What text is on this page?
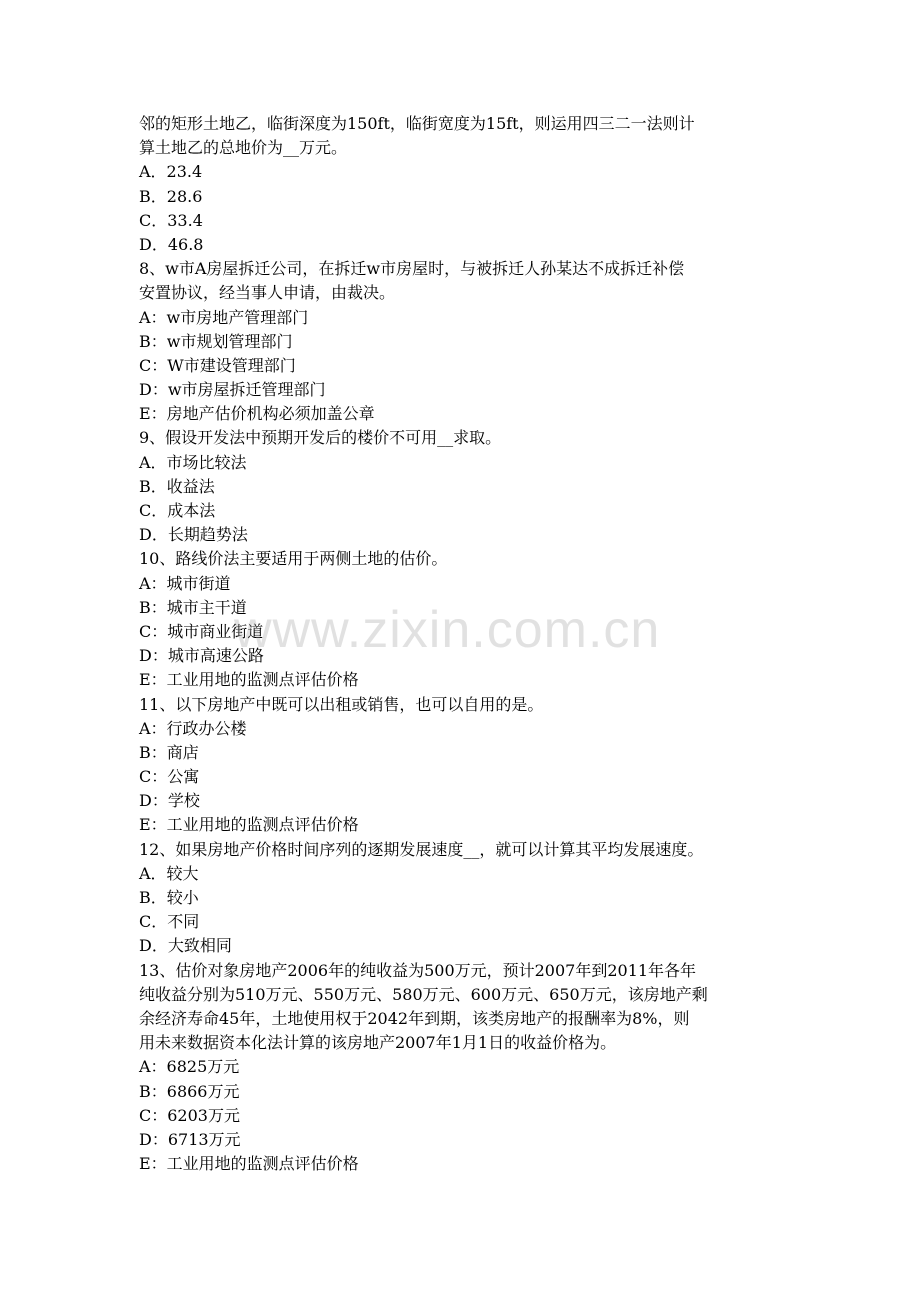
邻的矩形土地乙，临街深度为150ft，临街宽度为15ft，则运用四三二一法则计
算土地乙的总地价为__万元。
A．23.4
B．28.6
C．33.4
D．46.8
8、w市A房屋拆迁公司，在拆迁w市房屋时，与被拆迁人孙某达不成拆迁补偿
安置协议，经当事人申请，由裁决。
A：w市房地产管理部门
B：w市规划管理部门
C：W市建设管理部门
D：w市房屋拆迁管理部门
E：房地产估价机构必须加盖公章
9、假设开发法中预期开发后的楼价不可用__求取。
A．市场比较法
B．收益法
C．成本法
D．长期趋势法
10、路线价法主要适用于两侧土地的估价。
A：城市街道
B：城市主干道
C：城市商业街道
D：城市高速公路
E：工业用地的监测点评估价格
11、以下房地产中既可以出租或销售，也可以自用的是。
A：行政办公楼
B：商店
C：公寓
D：学校
E：工业用地的监测点评估价格
12、如果房地产价格时间序列的逐期发展速度__，就可以计算其平均发展速度。
A．较大
B．较小
C．不同
D．大致相同
13、估价对象房地产2006年的纯收益为500万元，预计2007年到2011年各年
纯收益分别为510万元、550万元、580万元、600万元、650万元，该房地产剩
余经济寿命45年，土地使用权于2042年到期，该类房地产的报酬率为8%，则
用未来数据资本化法计算的该房地产2007年1月1日的收益价格为。
A：6825万元
B：6866万元
C：6203万元
D：6713万元
E：工业用地的监测点评估价格
www.zixin.com.cn
